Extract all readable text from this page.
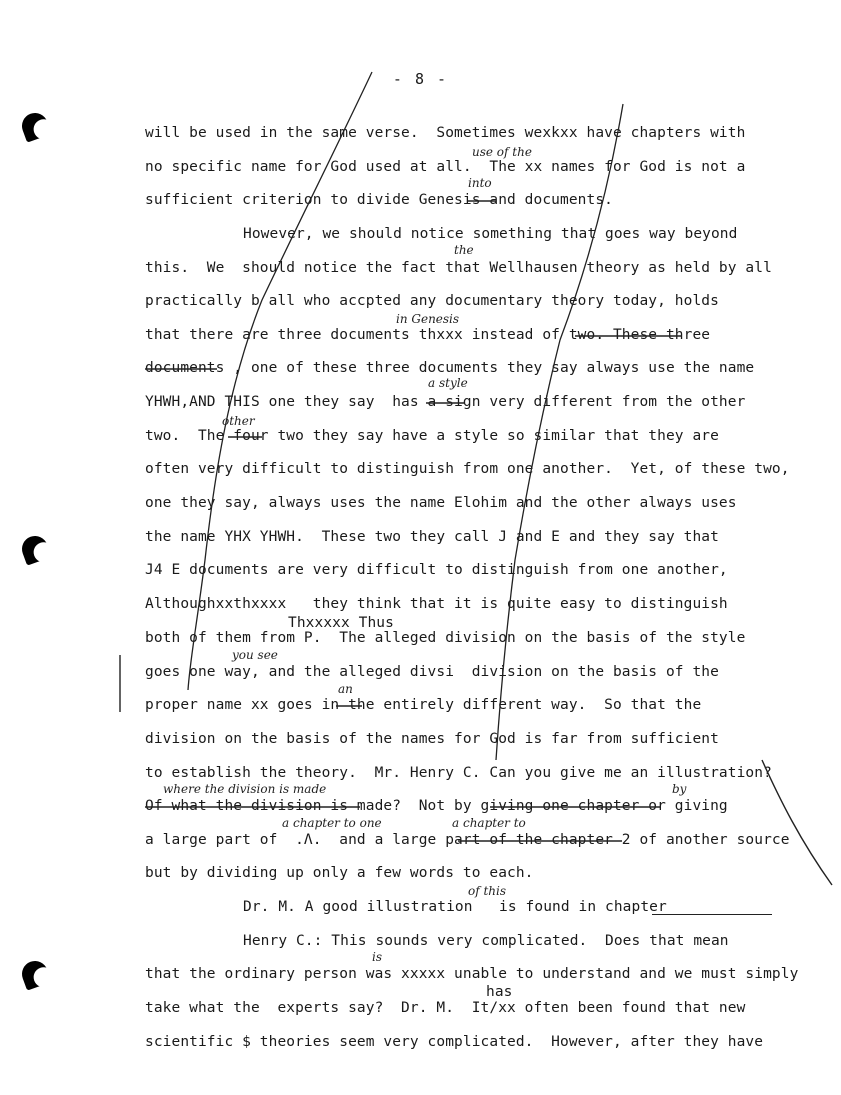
- 8 -
will be used in the same verse.  Sometimes wexkxx have chapters with
no specific name for God used at all.  The xx names for God is not a
sufficient criterion to divide Genesis and documents.
However, we should notice something that goes way beyond
this.  We  should notice the fact that Wellhausen theory as held by all
practically b all who accpted any documentary theory today, holds
that there are three documents thxxx instead of two. These three
documents , one of these three documents they say always use the name
YHWH,AND THIS one they say  has a sign very different from the other
two.  The four two they say have a style so similar that they are
often very difficult to distinguish from one another.  Yet, of these two,
one they say, always uses the name Elohim and the other always uses
the name YHX YHWH.  These two they call J and E and they say that
J4 E documents are very difficult to distinguish from one another,
Althoughxxthxxxx   they think that it is quite easy to distinguish
Thxxxxx Thus
both of them from P.  The alleged division on the basis of the style
goes one way, and the alleged divsi  division on the basis of the
proper name xx goes in the entirely different way.  So that the
division on the basis of the names for God is far from sufficient
to establish the theory.  Mr. Henry C. Can you give me an illustration?
Of what the division is made?  Not by giving one chapter or giving
a large part of  .Λ.  and a large part of the chapter 2 of another source
but by dividing up only a few words to each.
Dr. M. A good illustration   is found in chapter
Henry C.: This sounds very complicated.  Does that mean
that the ordinary person was xxxxx unable to understand and we must simply
has
take what the  experts say?  Dr. M.  It/xx often been found that new
scientific $ theories seem very complicated.  However, after they have
use of the
into
the
in Genesis
a style
other
you see
an
where the division is made	by
a chapter to one	a chapter to
of this
is
